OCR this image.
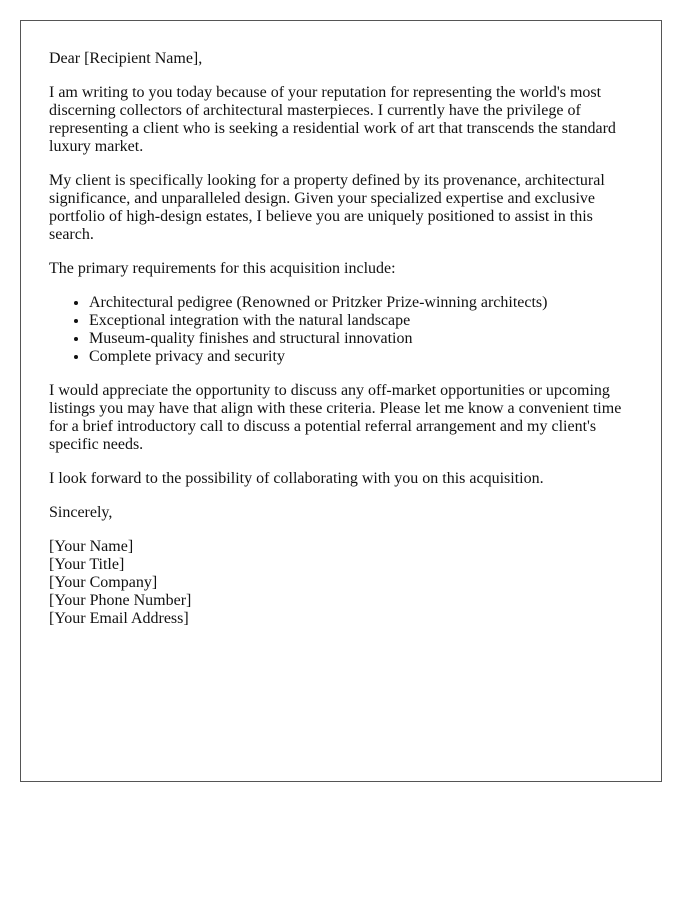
Dear [Recipient Name],

I am writing to you today because of your reputation for representing the world's most discerning collectors of architectural masterpieces. I currently have the privilege of representing a client who is seeking a residential work of art that transcends the standard luxury market.

My client is specifically looking for a property defined by its provenance, architectural significance, and unparalleled design. Given your specialized expertise and exclusive portfolio of high-design estates, I believe you are uniquely positioned to assist in this search.

The primary requirements for this acquisition include:

• Architectural pedigree (Renowned or Pritzker Prize-winning architects)
• Exceptional integration with the natural landscape
• Museum-quality finishes and structural innovation
• Complete privacy and security

I would appreciate the opportunity to discuss any off-market opportunities or upcoming listings you may have that align with these criteria. Please let me know a convenient time for a brief introductory call to discuss a potential referral arrangement and my client's specific needs.

I look forward to the possibility of collaborating with you on this acquisition.

Sincerely,

[Your Name]
[Your Title]
[Your Company]
[Your Phone Number]
[Your Email Address]
